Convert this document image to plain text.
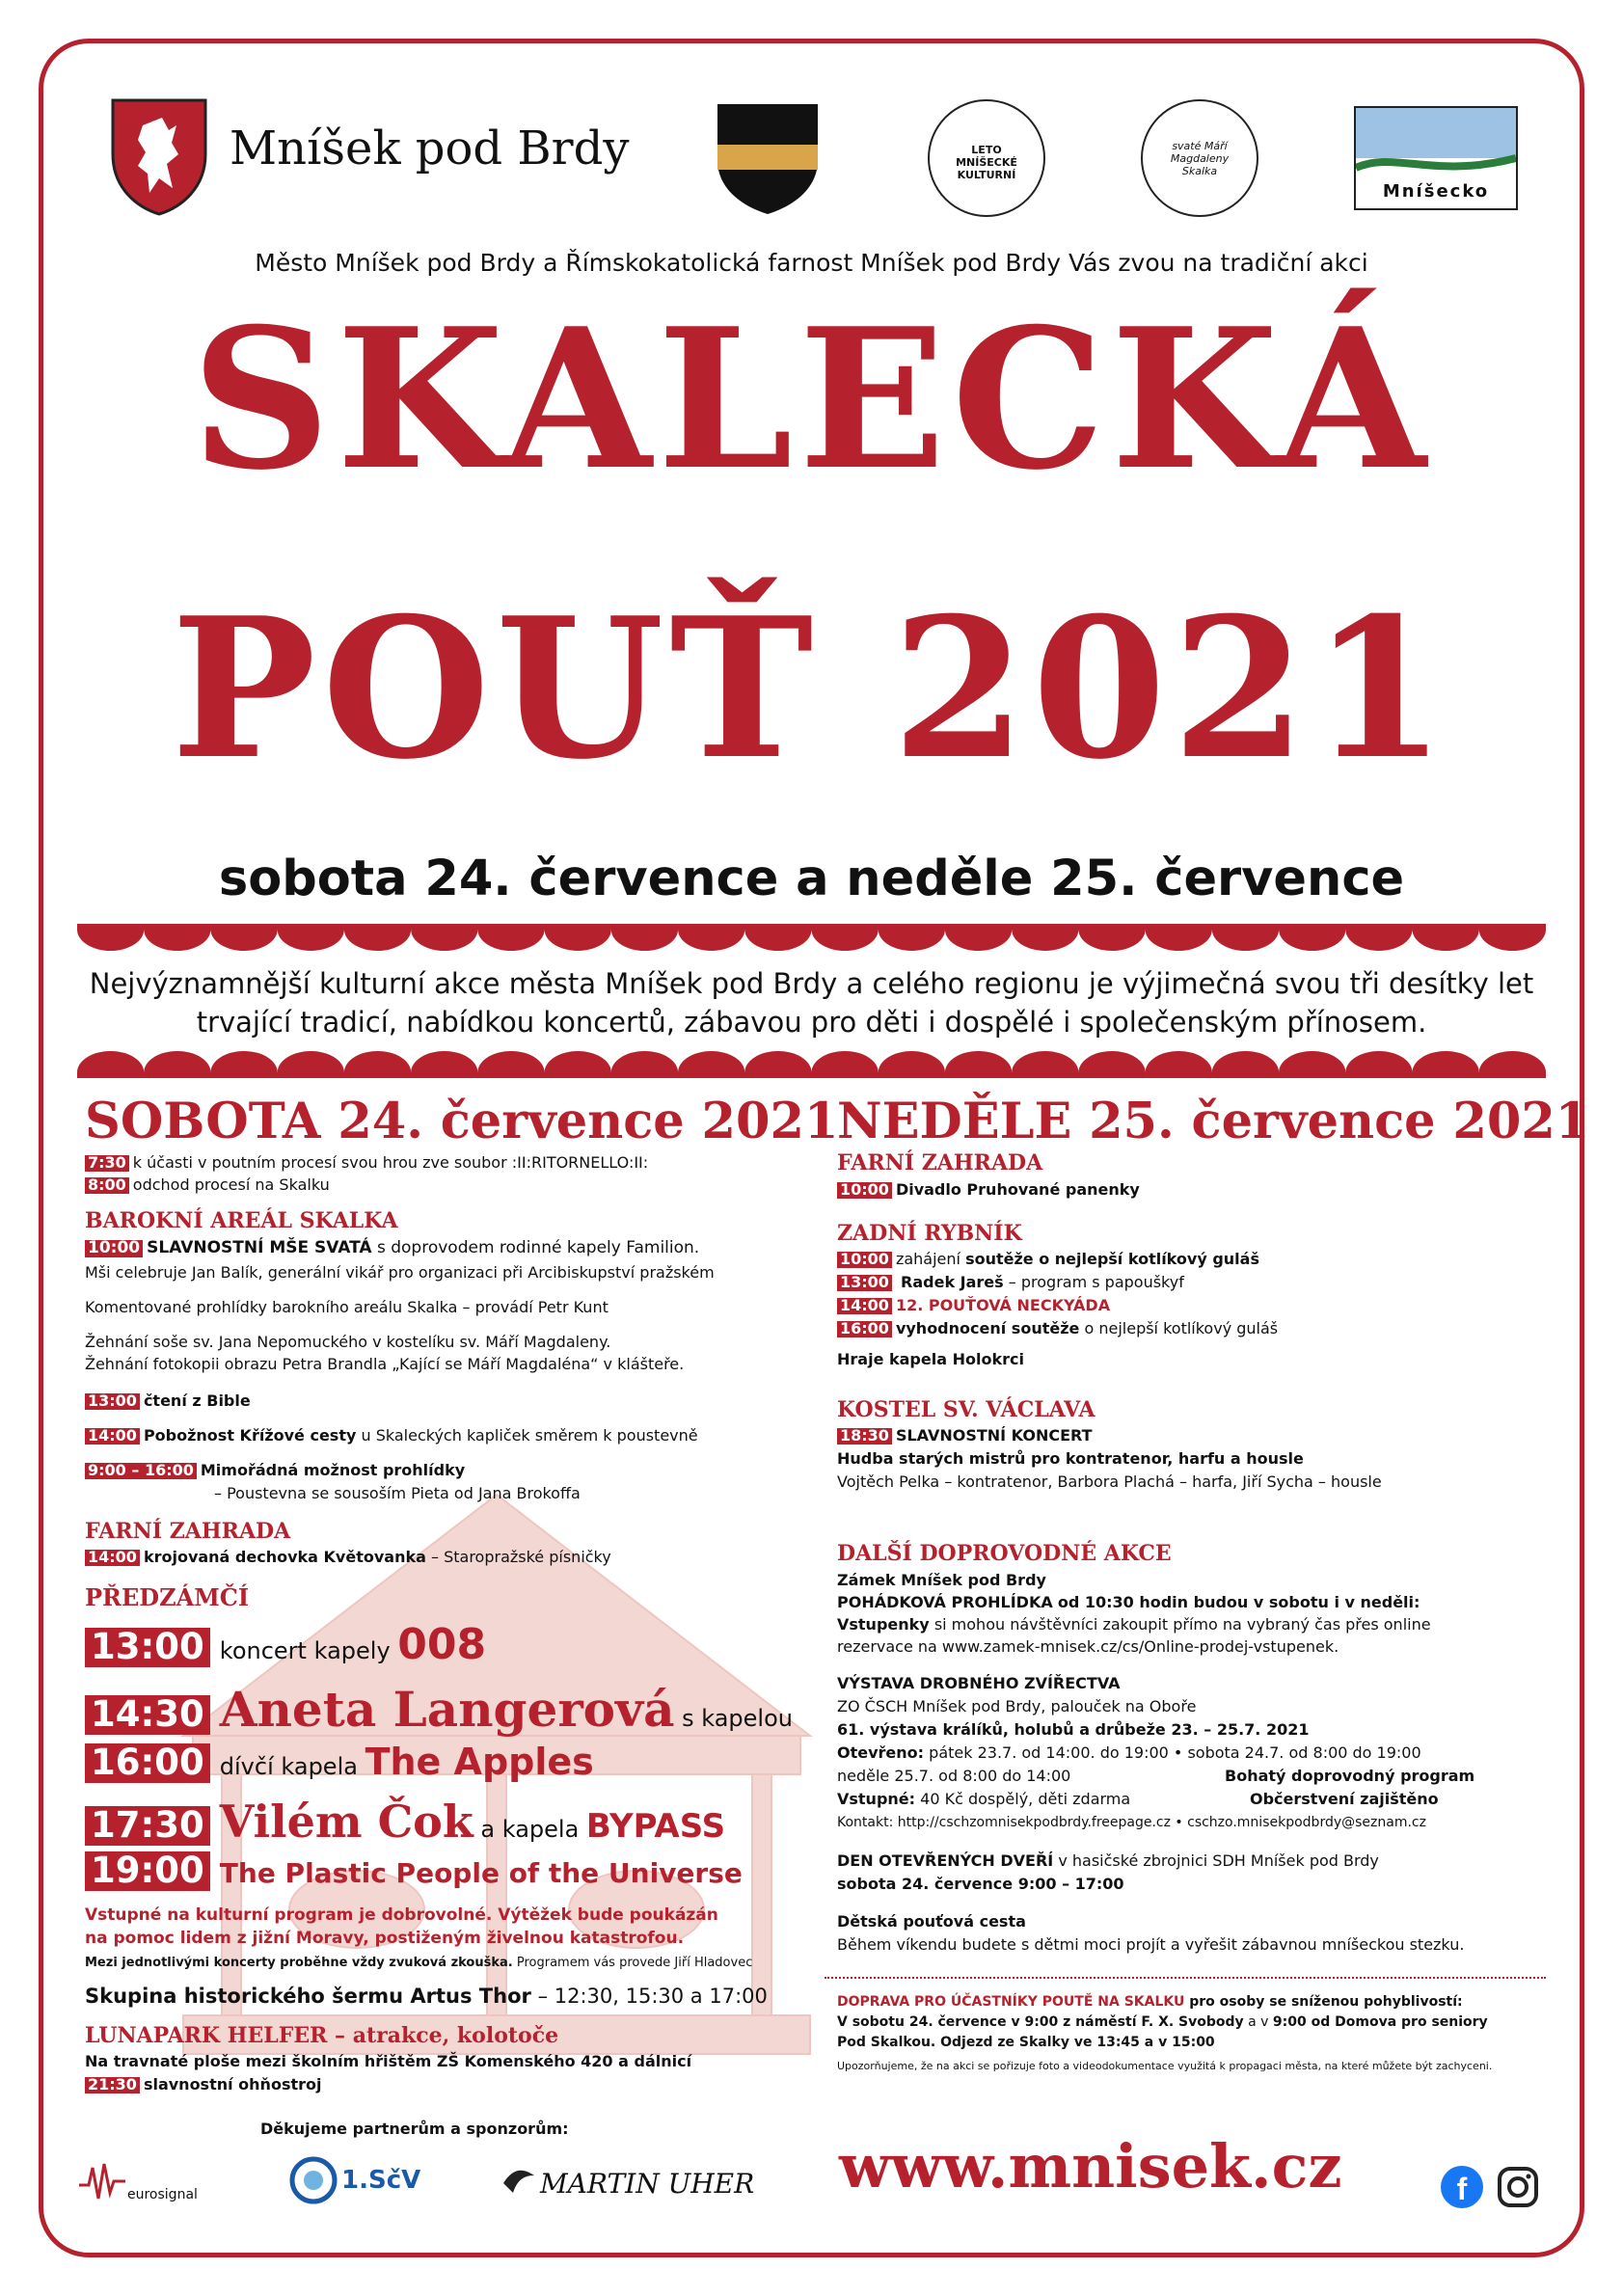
Mníšek pod Brdy	LETO MNÍŠECKÉ KULTURNÍ
svaté Máří Magdaleny Skalka
Mníšecko
Město Mníšek pod Brdy a Římskokatolická farnost Mníšek pod Brdy Vás zvou na tradiční akci
SKALECKÁ
POUŤ 2021
sobota 24. července a neděle 25. července
Nejvýznamnější kulturní akce města Mníšek pod Brdy a celého regionu je výjimečná svou tři desítky let
trvající tradicí, nabídkou koncertů, zábavou pro děti i dospělé i společenským přínosem.
SOBOTA 24. července 2021
7:30 k účasti v poutním procesí svou hrou zve soubor :II:RITORNELLO:II:
8:00 odchod procesí na Skalku
BAROKNÍ AREÁL SKALKA
10:00 SLAVNOSTNÍ MŠE SVATÁ s doprovodem rodinné kapely Familion.
Mši celebruje Jan Balík, generální vikář pro organizaci při Arcibiskupství pražském
Komentované prohlídky barokního areálu Skalka – provádí Petr Kunt
Žehnání soše sv. Jana Nepomuckého v kostelíku sv. Máří Magdaleny.
Žehnání fotokopii obrazu Petra Brandla „Kající se Máří Magdaléna“ v klášteře.
13:00 čtení z Bible
14:00 Pobožnost Křížové cesty u Skaleckých kapliček směrem k poustevně
9:00 – 16:00 Mimořádná možnost prohlídky
– Poustevna se sousoším Pieta od Jana Brokoffa
FARNÍ ZAHRADA
14:00 krojovaná dechovka Květovanka – Staropražské písničky
PŘEDZÁMČÍ
13:00 koncert kapely 008
14:30 Aneta Langerová s kapelou
16:00 dívčí kapela The Apples
17:30 Vilém Čok a kapela BYPASS
19:00 The Plastic People of the Universe
Vstupné na kulturní program je dobrovolné. Výtěžek bude poukázán
na pomoc lidem z jižní Moravy, postiženým živelnou katastrofou.
Mezi jednotlivými koncerty proběhne vždy zvuková zkouška. Programem vás provede Jiří Hladovec
Skupina historického šermu Artus Thor – 12:30, 15:30 a 17:00
LUNAPARK HELFER – atrakce, kolotoče
Na travnaté ploše mezi školním hřištěm ZŠ Komenského 420 a dálnicí
21:30 slavnostní ohňostroj
NEDĚLE 25. července 2021
FARNÍ ZAHRADA
10:00 Divadlo Pruhované panenky
ZADNÍ RYBNÍK
10:00 zahájení soutěže o nejlepší kotlíkový guláš
13:00 Radek Jareš – program s papouškyf
14:00 12. POUŤOVÁ NECKYÁDA
16:00 vyhodnocení soutěže o nejlepší kotlíkový guláš
Hraje kapela Holokrci
KOSTEL SV. VÁCLAVA
18:30 SLAVNOSTNÍ KONCERT
Hudba starých mistrů pro kontratenor, harfu a housle
Vojtěch Pelka – kontratenor, Barbora Plachá – harfa, Jiří Sycha – housle
DALŠÍ DOPROVODNÉ AKCE
Zámek Mníšek pod Brdy
POHÁDKOVÁ PROHLÍDKA od 10:30 hodin budou v sobotu i v neděli:
Vstupenky si mohou návštěvníci zakoupit přímo na vybraný čas přes online
rezervace na www.zamek-mnisek.cz/cs/Online-prodej-vstupenek.
VÝSTAVA DROBNÉHO ZVÍŘECTVA
ZO ČSCH Mníšek pod Brdy, palouček na Oboře
61. výstava králíků, holubů a drůbeže 23. – 25.7. 2021
Otevřeno: pátek 23.7. od 14:00. do 19:00 • sobota 24.7. od 8:00 do 19:00
neděle 25.7. od 8:00 do 14:00	Bohatý doprovodný program
Vstupné: 40 Kč dospělý, děti zdarma	Občerstvení zajištěno
Kontakt: http://cschzomnisekpodbrdy.freepage.cz • cschzo.mnisekpodbrdy@seznam.cz
DEN OTEVŘENÝCH DVEŘÍ v hasičské zbrojnici SDH Mníšek pod Brdy
sobota 24. července 9:00 – 17:00
Dětská pouťová cesta
Během víkendu budete s dětmi moci projít a vyřešit zábavnou mníšeckou stezku.
DOPRAVA PRO ÚČASTNÍKY POUTĚ NA SKALKU pro osoby se sníženou pohyblivostí:
V sobotu 24. července v 9:00 z náměstí F. X. Svobody a v 9:00 od Domova pro seniory
Pod Skalkou. Odjezd ze Skalky ve 13:45 a v 15:00
Upozorňujeme, že na akci se pořizuje foto a videodokumentace využitá k propagaci města, na které můžete být zachyceni.
Děkujeme partnerům a sponzorům:
eurosignal	1.SčV	MARTIN UHER www.mnisek.cz	f
